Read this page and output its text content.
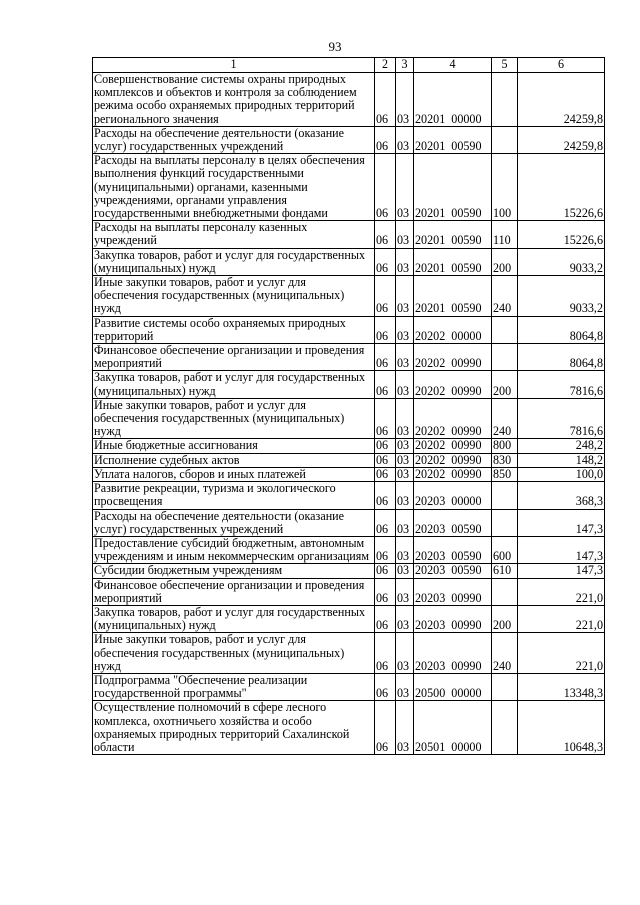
93
1	2	3	4	5	6
Совершенствование системы охраны природных комплексов и объектов и контроля за соблюдением режима особо охраняемых природных территорий регионального значения	06	03	20201  00000		24259,8
Расходы на обеспечение деятельности (оказание услуг) государственных учреждений	06	03	20201  00590		24259,8
Расходы на выплаты персоналу в целях обеспечения выполнения функций государственными (муниципальными) органами, казенными учреждениями, органами управления государственными внебюджетными фондами	06	03	20201  00590	100	15226,6
Расходы на выплаты персоналу казенных учреждений	06	03	20201  00590	110	15226,6
Закупка товаров, работ и услуг для государственных (муниципальных) нужд	06	03	20201  00590	200	9033,2
Иные закупки товаров, работ и услуг для обеспечения государственных (муниципальных) нужд	06	03	20201  00590	240	9033,2
Развитие системы особо охраняемых природных территорий	06	03	20202  00000		8064,8
Финансовое обеспечение организации и проведения мероприятий	06	03	20202  00990		8064,8
Закупка товаров, работ и услуг для государственных (муниципальных) нужд	06	03	20202  00990	200	7816,6
Иные закупки товаров, работ и услуг для обеспечения государственных (муниципальных) нужд	06	03	20202  00990	240	7816,6
Иные бюджетные ассигнования	06	03	20202  00990	800	248,2
Исполнение судебных актов	06	03	20202  00990	830	148,2
Уплата налогов, сборов и иных платежей	06	03	20202  00990	850	100,0
Развитие рекреации, туризма и экологического просвещения	06	03	20203  00000		368,3
Расходы на обеспечение деятельности (оказание услуг) государственных учреждений	06	03	20203  00590		147,3
Предоставление субсидий бюджетным, автономным учреждениям и иным некоммерческим организациям	06	03	20203  00590	600	147,3
Субсидии бюджетным учреждениям	06	03	20203  00590	610	147,3
Финансовое обеспечение организации и проведения мероприятий	06	03	20203  00990		221,0
Закупка товаров, работ и услуг для государственных (муниципальных) нужд	06	03	20203  00990	200	221,0
Иные закупки товаров, работ и услуг для обеспечения государственных (муниципальных) нужд	06	03	20203  00990	240	221,0
Подпрограмма "Обеспечение реализации государственной программы"	06	03	20500  00000		13348,3
Осуществление полномочий в сфере лесного комплекса, охотничьего хозяйства и особо охраняемых природных территорий Сахалинской области	06	03	20501  00000		10648,3
